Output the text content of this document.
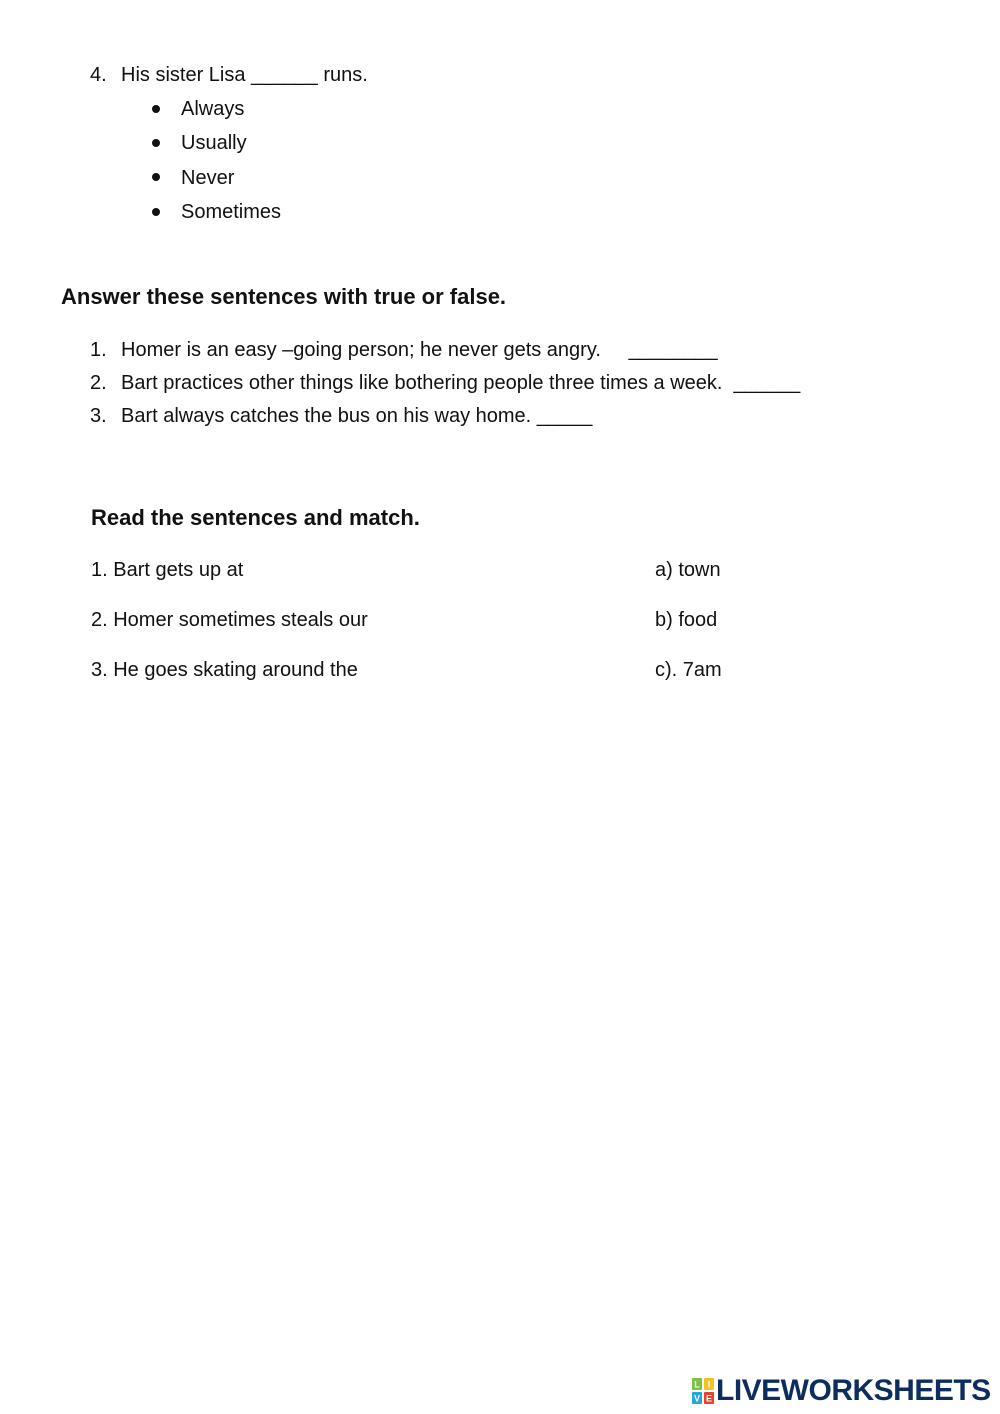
4. His sister Lisa ______ runs.
Always
Usually
Never
Sometimes
Answer these sentences with true or false.
1. Homer is an easy –going person; he never gets angry.     ________
2. Bart practices other things like bothering people three times a week.  ______
3. Bart always catches the bus on his way home. _____
Read the sentences and match.
1. Bart gets up at	a) town
2. Homer sometimes steals our	b) food
3. He goes skating around the	c). 7am
L I
V E LIVEWORKSHEETS
